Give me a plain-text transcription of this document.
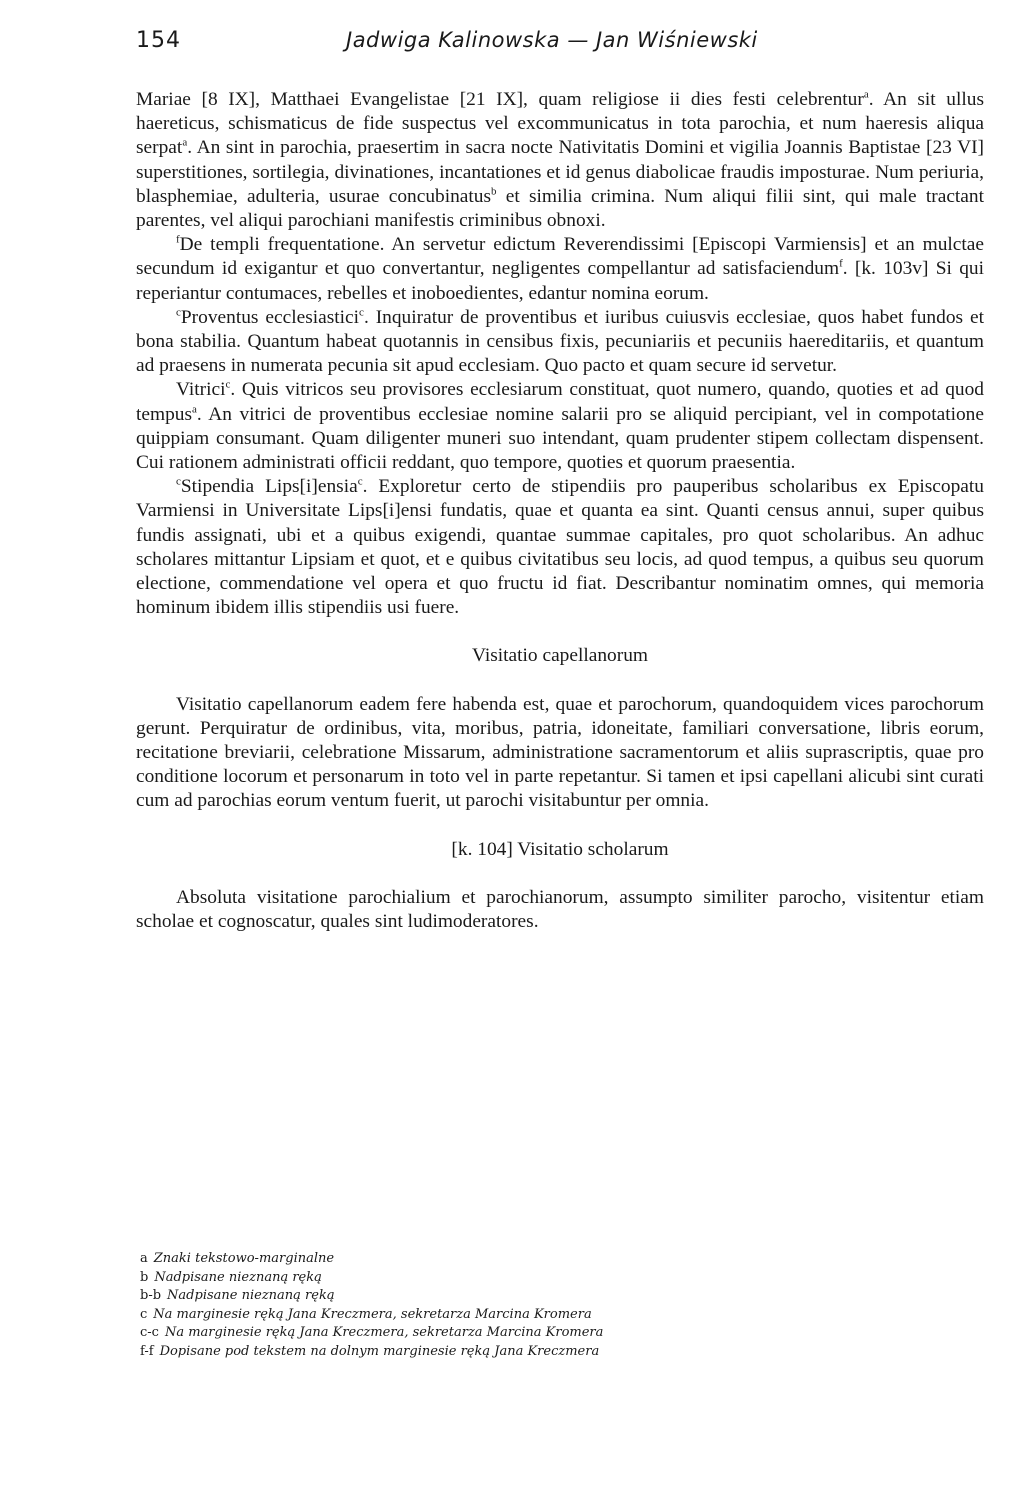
154	Jadwiga Kalinowska — Jan Wiśniewski

Mariae [8 IX], Matthaei Evangelistae [21 IX], quam religiose ii dies festi celebrentur$^a$. An sit ullus haereticus, schismaticus de fide suspectus vel excommunicatus in tota parochia, et num haeresis aliqua serpat$^a$. An sint in parochia, praesertim in sacra nocte Nativitatis Domini et vigilia Joannis Baptistae [23 VI] superstitiones, sortilegia, divinationes, incantationes et id genus diabolicae fraudis imposturae. Num periuria, blasphemiae, adulteria, usurae concubinatus$^b$ et similia crimina. Num aliqui filii sint, qui male tractant parentes, vel aliqui parochiani manifestis criminibus obnoxi.

$^f$De templi frequentatione. An servetur edictum Reverendissimi [Episcopi Varmiensis] et an mulctae secundum id exigantur et quo convertantur, negligentes compellantur ad satisfaciendum$^f$. [k. 103v] Si qui reperiantur contumaces, rebelles et inoboedientes, edantur nomina eorum.

$^c$Proventus ecclesiastici$^c$. Inquiratur de proventibus et iuribus cuiusvis ecclesiae, quos habet fundos et bona stabilia. Quantum habeat quotannis in censibus fixis, pecuniariis et pecuniis haereditariis, et quantum ad praesens in numerata pecunia sit apud ecclesiam. Quo pacto et quam secure id servetur.

Vitrici$^c$. Quis vitricos seu provisores ecclesiarum constituat, quot numero, quando, quoties et ad quod tempus$^a$. An vitrici de proventibus ecclesiae nomine salarii pro se aliquid percipiant, vel in compotatione quippiam consumant. Quam diligenter muneri suo intendant, quam prudenter stipem collectam dispensent. Cui rationem administrati officii reddant, quo tempore, quoties et quorum praesentia.

$^c$Stipendia Lips[i]ensia$^c$. Exploretur certo de stipendiis pro pauperibus scholaribus ex Episcopatu Varmiensi in Universitate Lips[i]ensi fundatis, quae et quanta ea sint. Quanti census annui, super quibus fundis assignati, ubi et a quibus exigendi, quantae summae capitales, pro quot scholaribus. An adhuc scholares mittantur Lipsiam et quot, et e quibus civitatibus seu locis, ad quod tempus, a quibus seu quorum electione, commendatione vel opera et quo fructu id fiat. Describantur nominatim omnes, qui memoria hominum ibidem illis stipendiis usi fuere.

Visitatio capellanorum

Visitatio capellanorum eadem fere habenda est, quae et parochorum, quandoquidem vices parochorum gerunt. Perquiratur de ordinibus, vita, moribus, patria, idoneitate, familiari conversatione, libris eorum, recitatione breviarii, celebratione Missarum, administratione sacramentorum et aliis suprascriptis, quae pro conditione locorum et personarum in toto vel in parte repetantur. Si tamen et ipsi capellani alicubi sint curati cum ad parochias eorum ventum fuerit, ut parochi visitabuntur per omnia.

[k. 104] Visitatio scholarum

Absoluta visitatione parochialium et parochianorum, assumpto similiter parocho, visitentur etiam scholae et cognoscatur, quales sint ludimoderatores.

a Znaki tekstowo-marginalne
b Nadpisane nieznaną ręką
b-b Nadpisane nieznaną ręką
c Na marginesie ręką Jana Kreczmera, sekretarza Marcina Kromera
c-c Na marginesie ręką Jana Kreczmera, sekretarza Marcina Kromera
f-f Dopisane pod tekstem na dolnym marginesie ręką Jana Kreczmera
